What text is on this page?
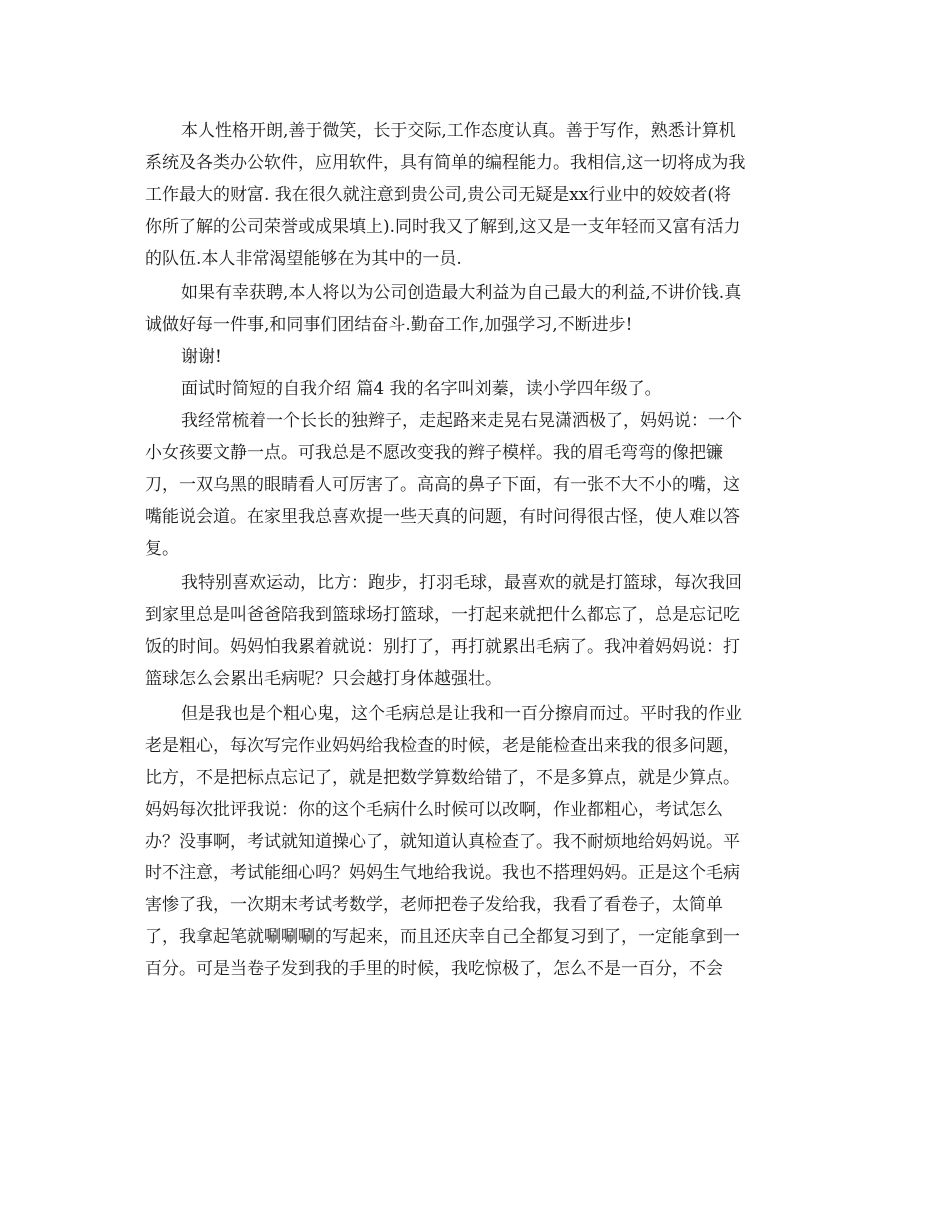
本人性格开朗,善于微笑，长于交际,工作态度认真。善于写作，熟悉计算机
系统及各类办公软件，应用软件，具有简单的编程能力。我相信,这一切将成为我
工作最大的财富. 我在很久就注意到贵公司,贵公司无疑是xx行业中的姣姣者(将
你所了解的公司荣誉或成果填上).同时我又了解到,这又是一支年轻而又富有活力
的队伍.本人非常渴望能够在为其中的一员.
如果有幸获聘,本人将以为公司创造最大利益为自己最大的利益,不讲价钱.真
诚做好每一件事,和同事们团结奋斗.勤奋工作,加强学习,不断进步!
谢谢!
面试时简短的自我介绍 篇4 我的名字叫刘蓁，读小学四年级了。
我经常梳着一个长长的独辫子，走起路来走晃右晃潇洒极了，妈妈说：一个
小女孩要文静一点。可我总是不愿改变我的辫子模样。我的眉毛弯弯的像把镰
刀，一双乌黑的眼睛看人可厉害了。高高的鼻子下面，有一张不大不小的嘴，这
嘴能说会道。在家里我总喜欢提一些天真的问题，有时问得很古怪，使人难以答
复。
我特别喜欢运动，比方：跑步，打羽毛球，最喜欢的就是打篮球，每次我回
到家里总是叫爸爸陪我到篮球场打篮球，一打起来就把什么都忘了，总是忘记吃
饭的时间。妈妈怕我累着就说：别打了，再打就累出毛病了。我冲着妈妈说：打
篮球怎么会累出毛病呢？只会越打身体越强壮。
但是我也是个粗心鬼，这个毛病总是让我和一百分擦肩而过。平时我的作业
老是粗心，每次写完作业妈妈给我检查的时候，老是能检查出来我的很多问题，
比方，不是把标点忘记了，就是把数学算数给错了，不是多算点，就是少算点。
妈妈每次批评我说：你的这个毛病什么时候可以改啊，作业都粗心，考试怎么
办？没事啊，考试就知道操心了，就知道认真检查了。我不耐烦地给妈妈说。平
时不注意，考试能细心吗？妈妈生气地给我说。我也不搭理妈妈。正是这个毛病
害惨了我，一次期末考试考数学，老师把卷子发给我，我看了看卷子，太简单
了，我拿起笔就唰唰唰的写起来，而且还庆幸自己全都复习到了，一定能拿到一
百分。可是当卷子发到我的手里的时候，我吃惊极了，怎么不是一百分，不会
